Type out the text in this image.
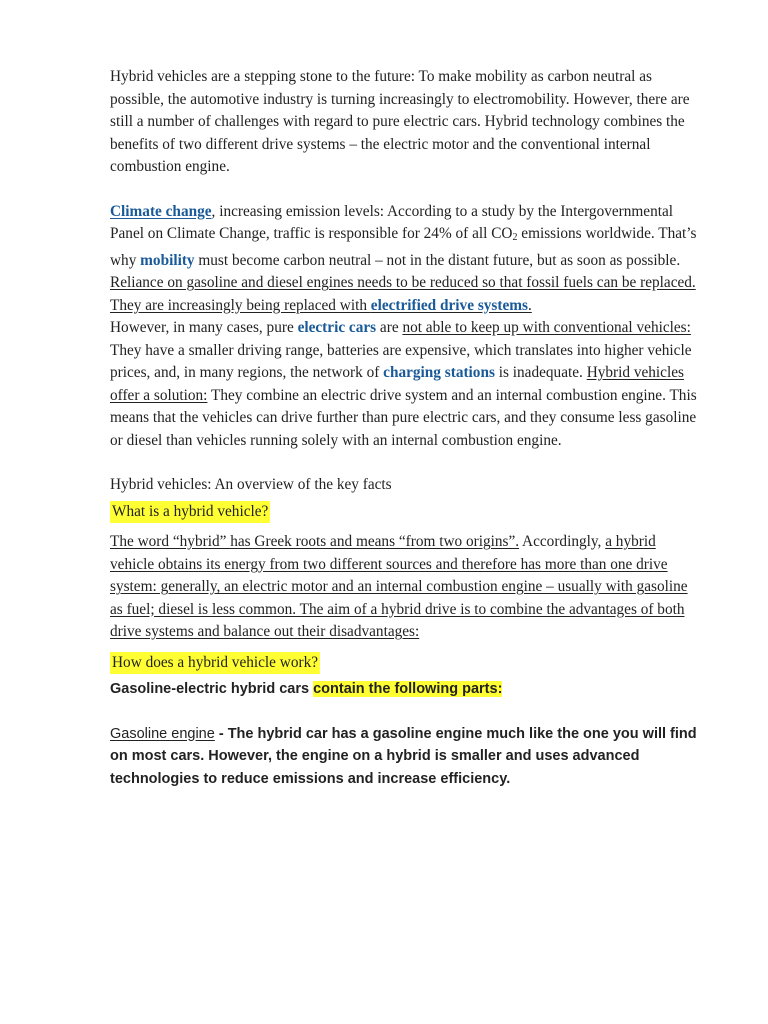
Hybrid vehicles are a stepping stone to the future: To make mobility as carbon neutral as possible, the automotive industry is turning increasingly to electromobility. However, there are still a number of challenges with regard to pure electric cars. Hybrid technology combines the benefits of two different drive systems – the electric motor and the conventional internal combustion engine.

Climate change, increasing emission levels: According to a study by the Intergovernmental Panel on Climate Change, traffic is responsible for 24% of all $CO_2$ emissions worldwide. That’s why mobility must become carbon neutral – not in the distant future, but as soon as possible. Reliance on gasoline and diesel engines needs to be reduced so that fossil fuels can be replaced. They are increasingly being replaced with electrified drive systems.

However, in many cases, pure electric cars are not able to keep up with conventional vehicles: They have a smaller driving range, batteries are expensive, which translates into higher vehicle prices, and, in many regions, the network of charging stations is inadequate. Hybrid vehicles offer a solution: They combine an electric drive system and an internal combustion engine. This means that the vehicles can drive further than pure electric cars, and they consume less gasoline or diesel than vehicles running solely with an internal combustion engine.

Hybrid vehicles: An overview of the key facts

What is a hybrid vehicle?

The word “hybrid” has Greek roots and means “from two origins”. Accordingly, a hybrid vehicle obtains its energy from two different sources and therefore has more than one drive system: generally, an electric motor and an internal combustion engine – usually with gasoline as fuel; diesel is less common. The aim of a hybrid drive is to combine the advantages of both drive systems and balance out their disadvantages:

How does a hybrid vehicle work?

Gasoline-electric hybrid cars contain the following parts:

Gasoline engine - The hybrid car has a gasoline engine much like the one you will find on most cars. However, the engine on a hybrid is smaller and uses advanced technologies to reduce emissions and increase efficiency.
